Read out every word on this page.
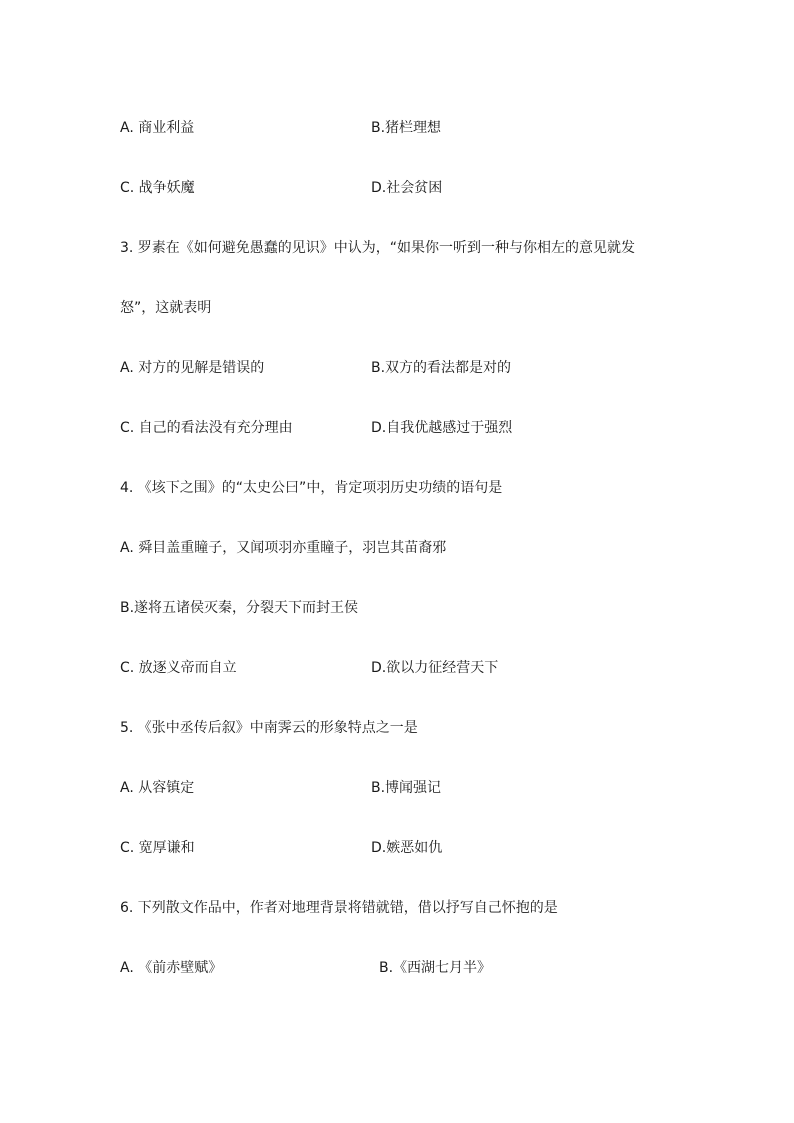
A. 商业利益	B.猪栏理想
C. 战争妖魔	D.社会贫困
3. 罗素在《如何避免愚蠢的见识》中认为，“如果你一听到一种与你相左的意见就发
怒”，这就表明
A. 对方的见解是错误的	B.双方的看法都是对的
C. 自己的看法没有充分理由	D.自我优越感过于强烈
4. 《垓下之围》的“太史公曰”中，肯定项羽历史功绩的语句是
A. 舜目盖重瞳子，又闻项羽亦重瞳子，羽岂其苗裔邪
B.遂将五诸侯灭秦，分裂天下而封王侯
C. 放逐义帝而自立	D.欲以力征经营天下
5. 《张中丞传后叙》中南霁云的形象特点之一是
A. 从容镇定	B.博闻强记
C. 宽厚谦和	D.嫉恶如仇
6. 下列散文作品中，作者对地理背景将错就错，借以抒写自己怀抱的是
A. 《前赤壁赋》	B.《西湖七月半》
